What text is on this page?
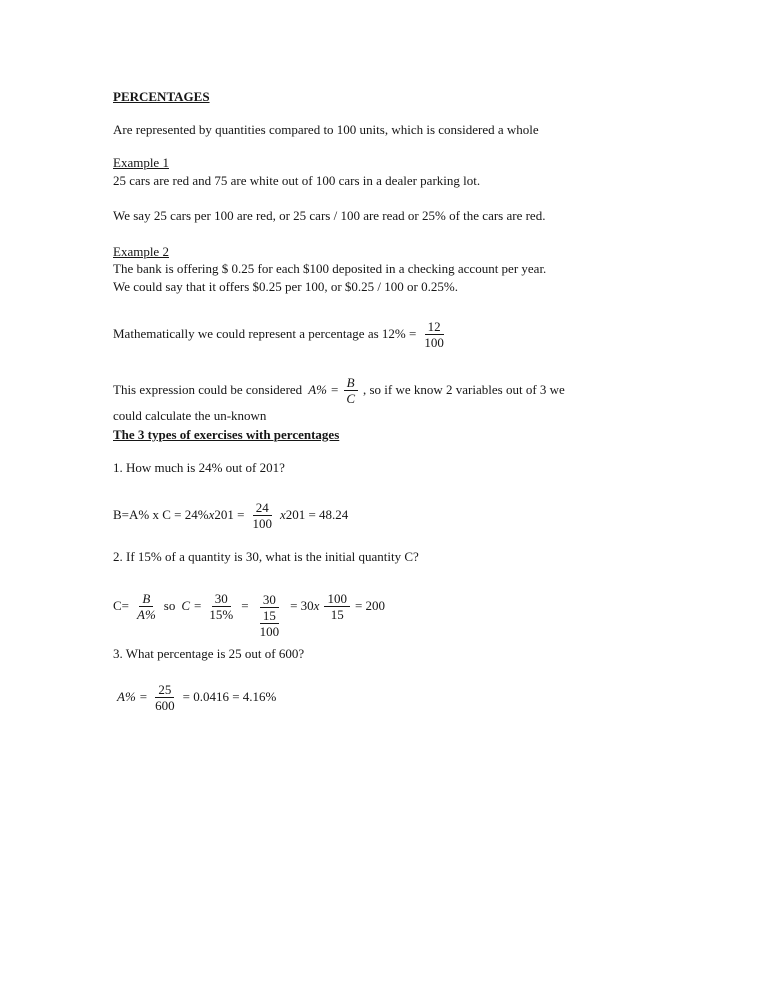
PERCENTAGES
Are represented by quantities compared to 100 units, which is considered a whole
Example 1
25 cars are red and 75 are white out of 100 cars in a dealer parking lot.
We say 25 cars per 100 are red, or 25 cars / 100 are read or 25% of the cars are red.
Example 2
The bank is offering $ 0.25 for each $100 deposited in a checking account per year.
We could say that it offers $0.25 per 100, or $0.25 / 100 or 0.25%.
Mathematically we could represent a percentage as $12\% = \frac{12}{100}$
This expression could be considered $A\% = \frac{B}{C}$ , so if we know 2 variables out of 3 we
could calculate the un-known
The 3 types of exercises with percentages
1. How much is 24% out of 201?
B=A% x C = 24% x $201 = \frac{24}{100}$ x 201 = 48.24
2. If 15% of a quantity is 30, what is the initial quantity C?
$C= \frac{B}{A\%}$ so $C = \frac{30}{15\%} = \frac{30}{\frac{15}{100}} = 30$ x $\frac{100}{15} = 200$
3. What percentage is 25 out of 600?
$A\% = \frac{25}{600} = 0.0416 = 4.16\%$
